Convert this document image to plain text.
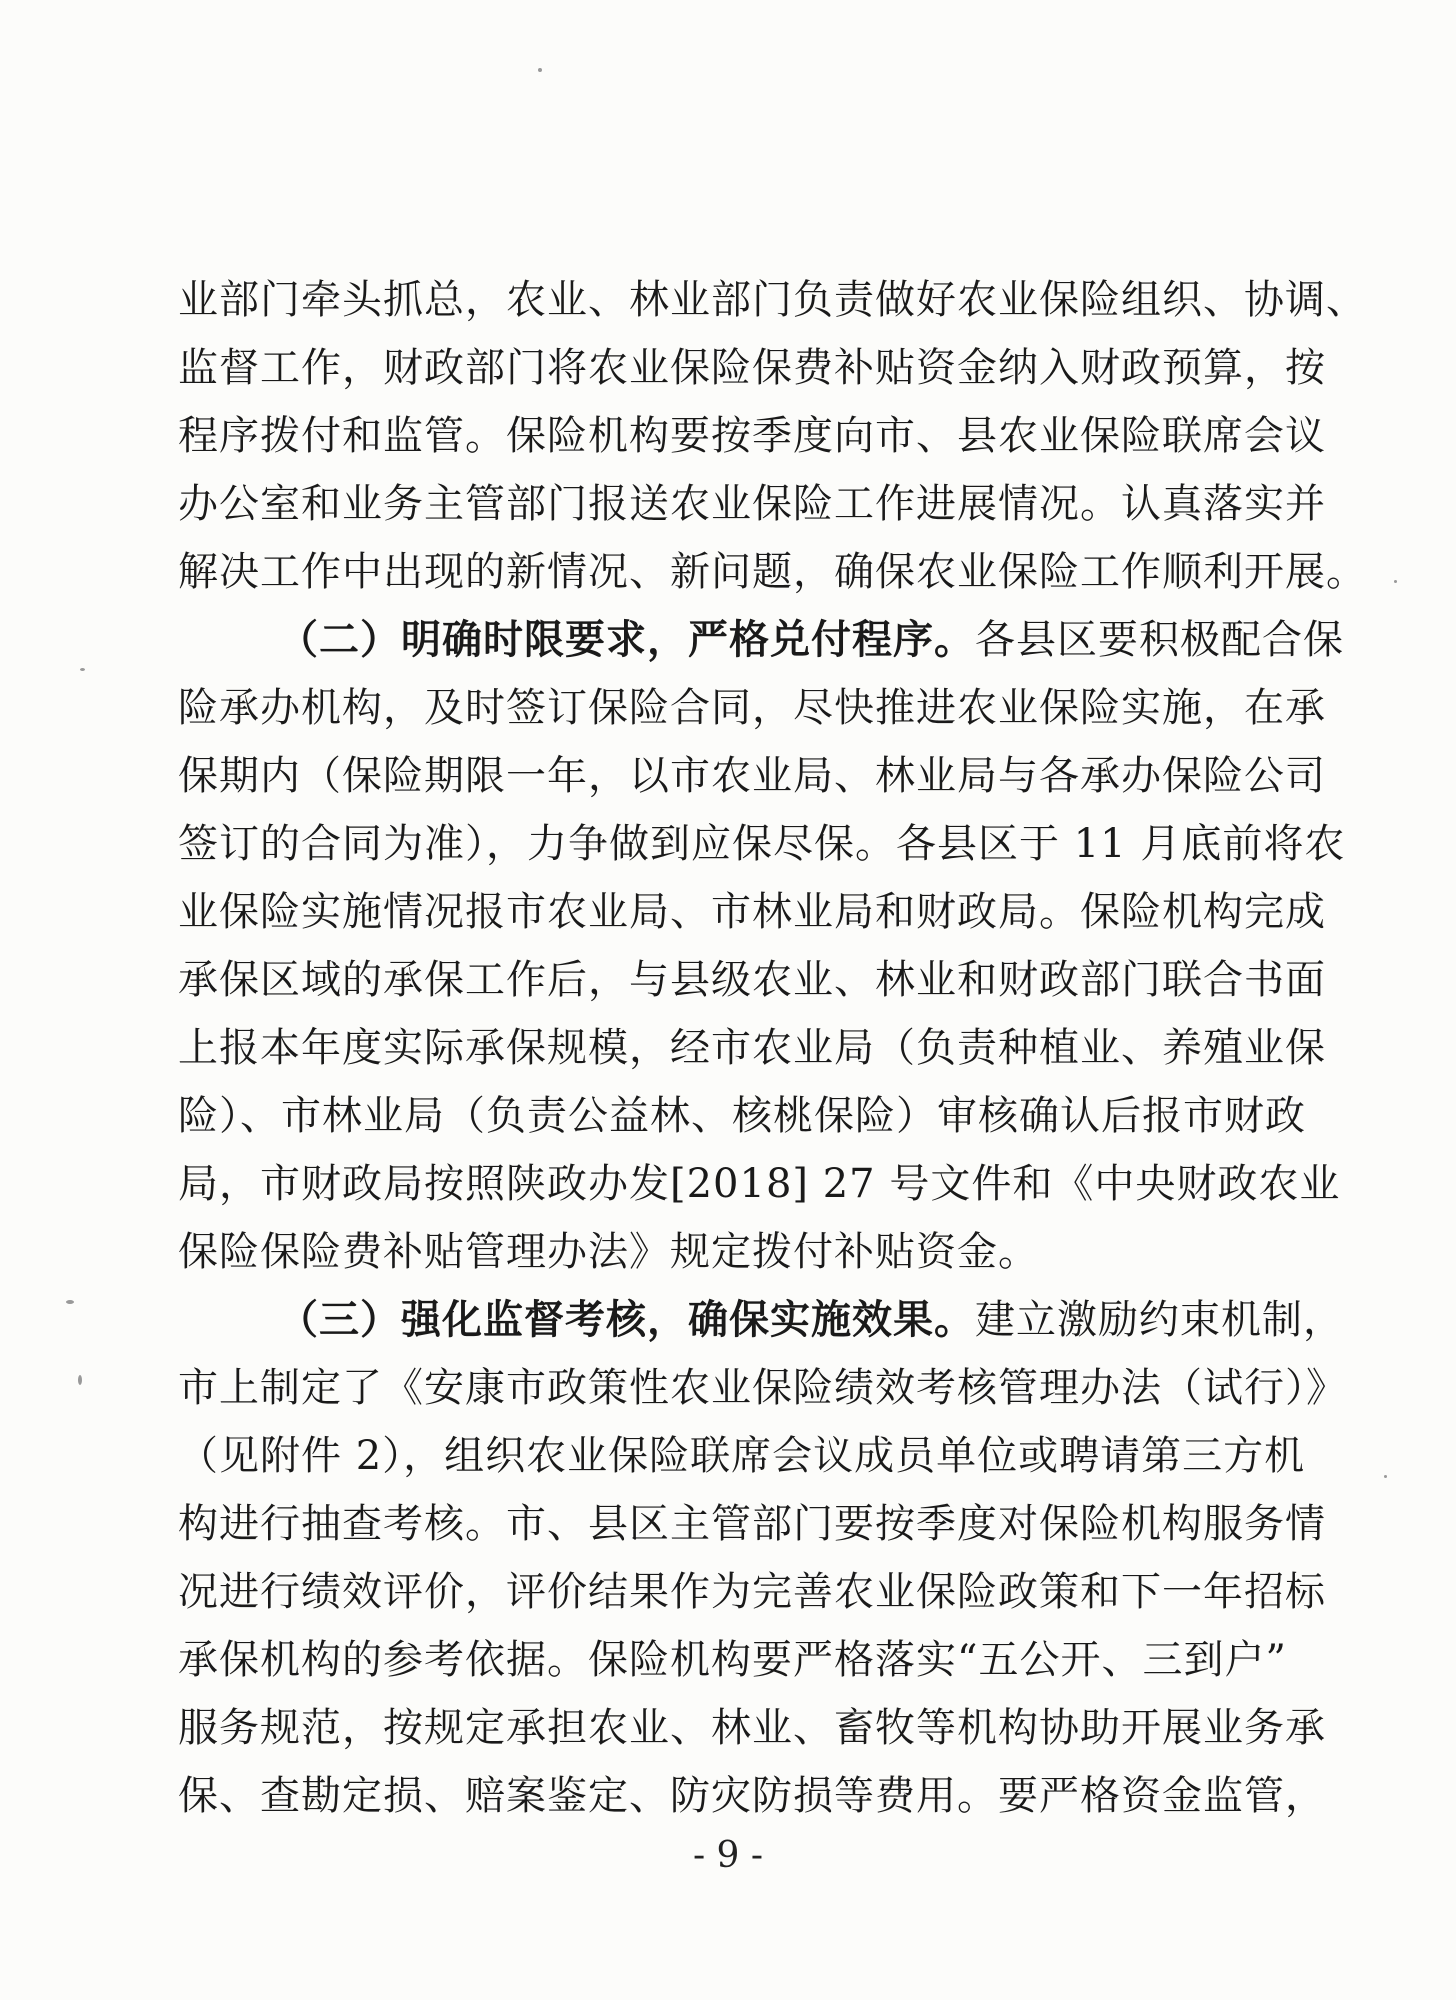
业部门牵头抓总，农业、林业部门负责做好农业保险组织、协调、
监督工作，财政部门将农业保险保费补贴资金纳入财政预算，按
程序拨付和监管。保险机构要按季度向市、县农业保险联席会议
办公室和业务主管部门报送农业保险工作进展情况。认真落实并
解决工作中出现的新情况、新问题，确保农业保险工作顺利开展。
（二）明确时限要求，严格兑付程序。各县区要积极配合保
险承办机构，及时签订保险合同，尽快推进农业保险实施，在承
保期内（保险期限一年，以市农业局、林业局与各承办保险公司
签订的合同为准），力争做到应保尽保。各县区于 11 月底前将农
业保险实施情况报市农业局、市林业局和财政局。保险机构完成
承保区域的承保工作后，与县级农业、林业和财政部门联合书面
上报本年度实际承保规模，经市农业局（负责种植业、养殖业保
险）、市林业局（负责公益林、核桃保险）审核确认后报市财政
局，市财政局按照陕政办发[2018] 27 号文件和《中央财政农业
保险保险费补贴管理办法》规定拨付补贴资金。
（三）强化监督考核，确保实施效果。建立激励约束机制，
市上制定了《安康市政策性农业保险绩效考核管理办法（试行）》
（见附件 2），组织农业保险联席会议成员单位或聘请第三方机
构进行抽查考核。市、县区主管部门要按季度对保险机构服务情
况进行绩效评价，评价结果作为完善农业保险政策和下一年招标
承保机构的参考依据。保险机构要严格落实“五公开、三到户”
服务规范，按规定承担农业、林业、畜牧等机构协助开展业务承
保、查勘定损、赔案鉴定、防灾防损等费用。要严格资金监管，
- 9 -
